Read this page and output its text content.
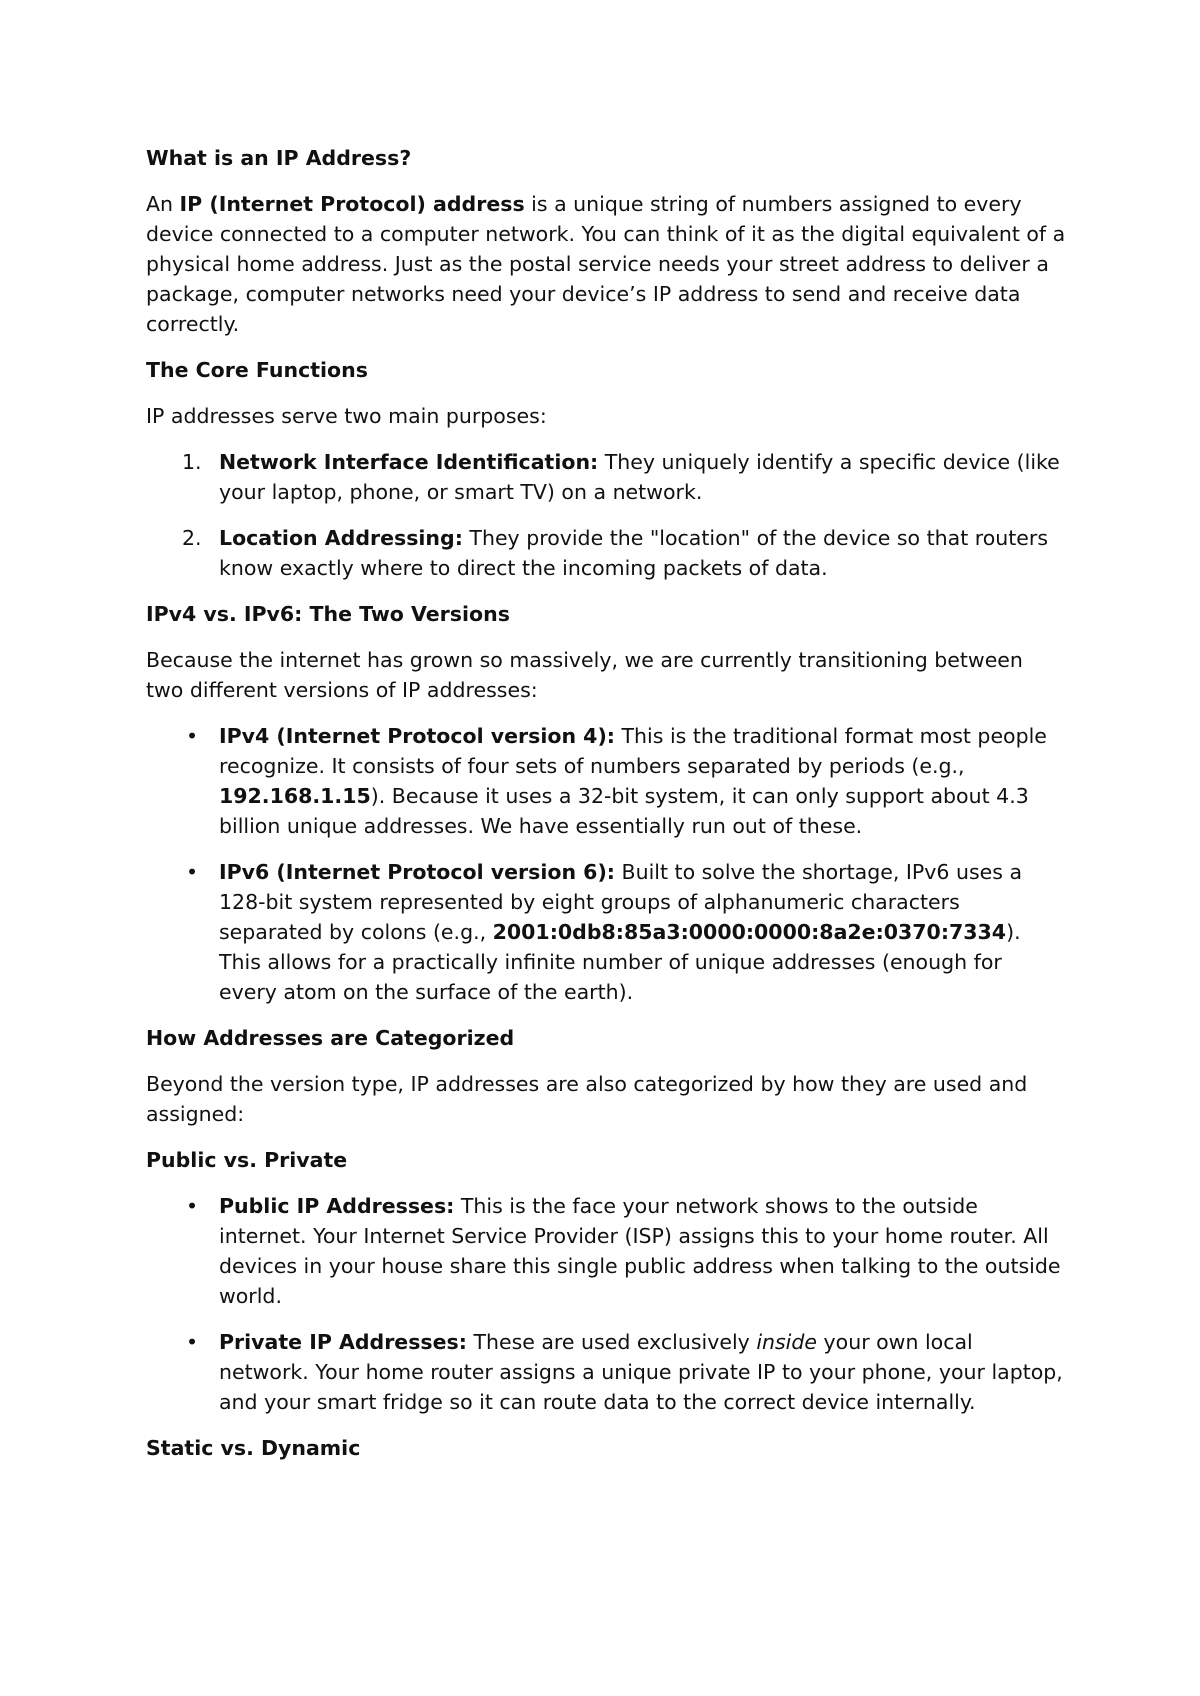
What is an IP Address?
An IP (Internet Protocol) address is a unique string of numbers assigned to every device connected to a computer network. You can think of it as the digital equivalent of a physical home address. Just as the postal service needs your street address to deliver a package, computer networks need your device’s IP address to send and receive data correctly.
The Core Functions
IP addresses serve two main purposes:
1. Network Interface Identification: They uniquely identify a specific device (like your laptop, phone, or smart TV) on a network.
2. Location Addressing: They provide the "location" of the device so that routers know exactly where to direct the incoming packets of data.
IPv4 vs. IPv6: The Two Versions
Because the internet has grown so massively, we are currently transitioning between two different versions of IP addresses:
• IPv4 (Internet Protocol version 4): This is the traditional format most people recognize. It consists of four sets of numbers separated by periods (e.g., 192.168.1.15). Because it uses a 32-bit system, it can only support about 4.3 billion unique addresses. We have essentially run out of these.
• IPv6 (Internet Protocol version 6): Built to solve the shortage, IPv6 uses a 128-bit system represented by eight groups of alphanumeric characters separated by colons (e.g., 2001:0db8:85a3:0000:0000:8a2e:0370:7334). This allows for a practically infinite number of unique addresses (enough for every atom on the surface of the earth).
How Addresses are Categorized
Beyond the version type, IP addresses are also categorized by how they are used and assigned:
Public vs. Private
• Public IP Addresses: This is the face your network shows to the outside internet. Your Internet Service Provider (ISP) assigns this to your home router. All devices in your house share this single public address when talking to the outside world.
• Private IP Addresses: These are used exclusively inside your own local network. Your home router assigns a unique private IP to your phone, your laptop, and your smart fridge so it can route data to the correct device internally.
Static vs. Dynamic
